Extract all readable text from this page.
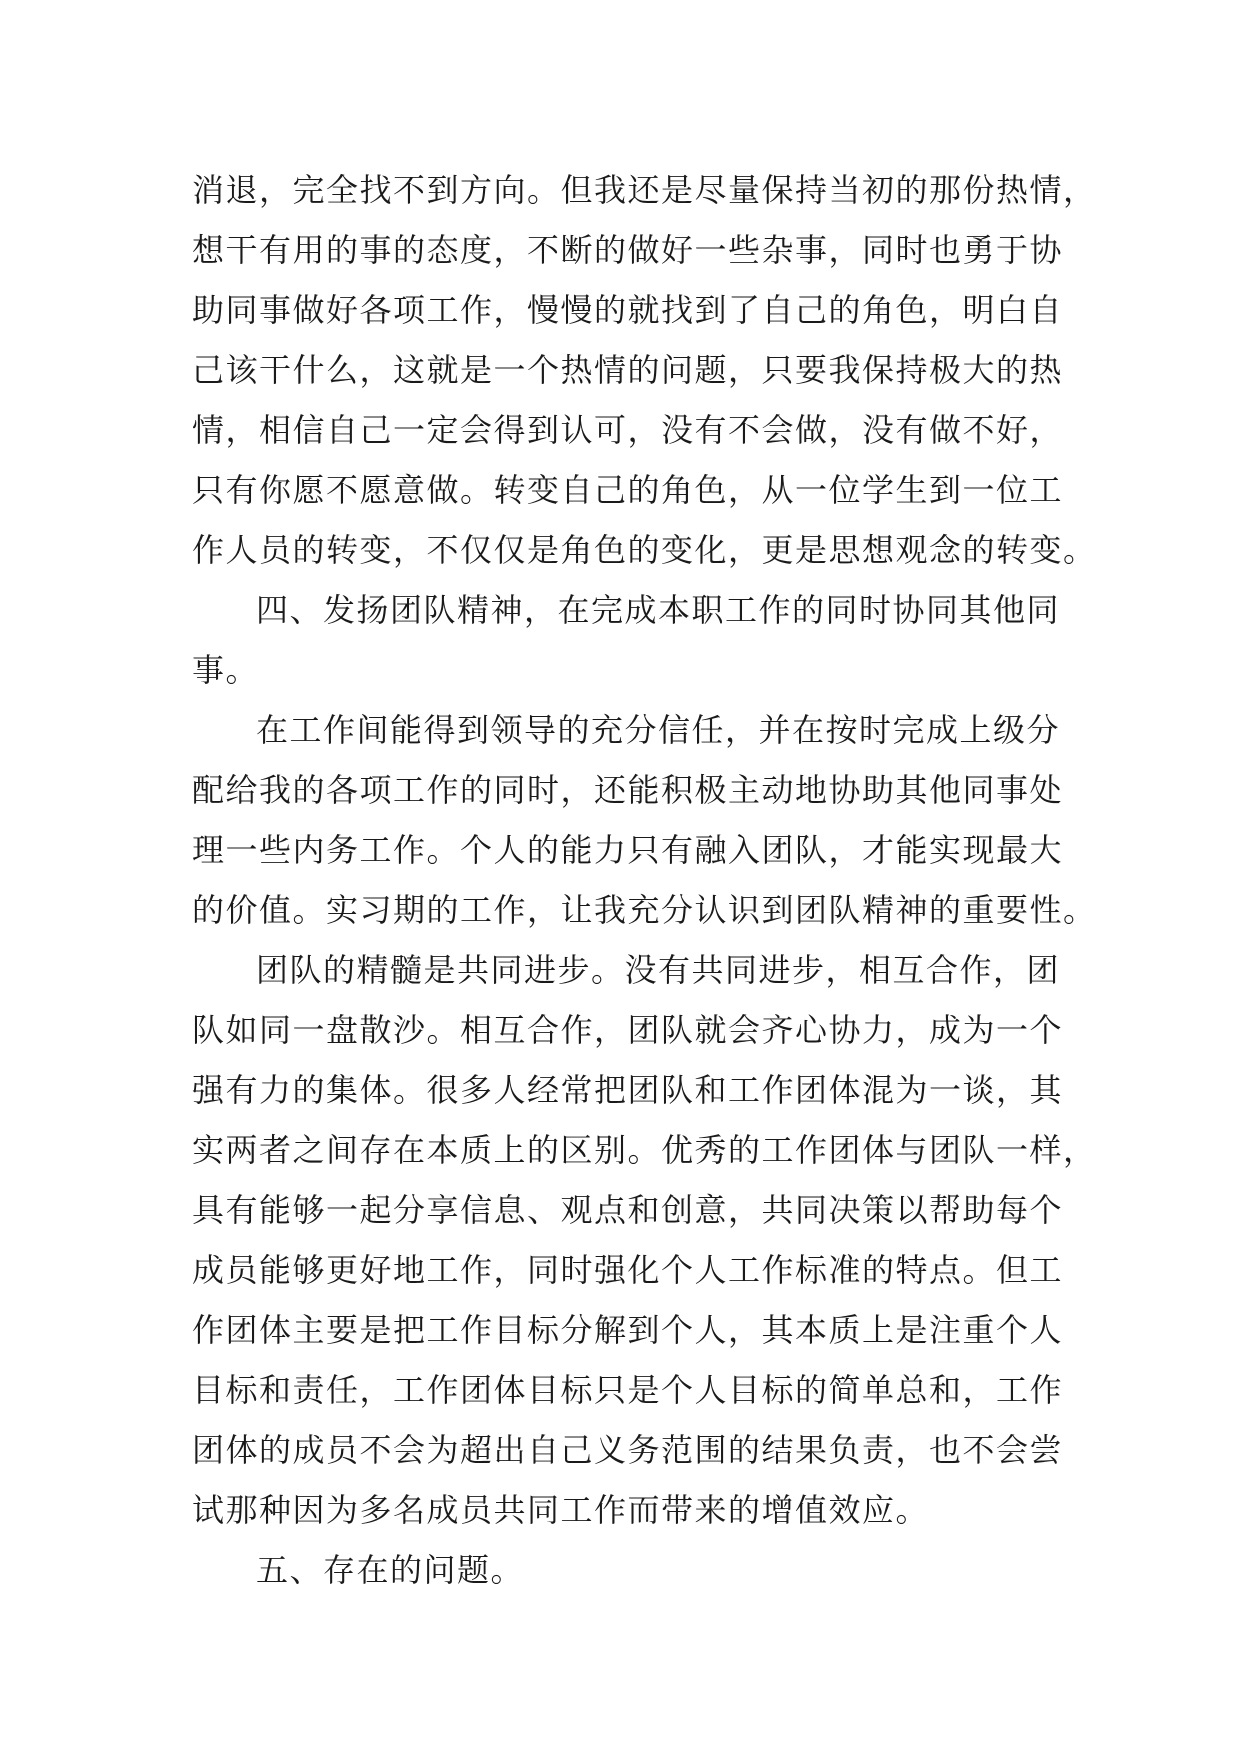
消退，完全找不到方向。但我还是尽量保持当初的那份热情，
想干有用的事的态度，不断的做好一些杂事，同时也勇于协
助同事做好各项工作，慢慢的就找到了自己的角色，明白自
己该干什么，这就是一个热情的问题，只要我保持极大的热
情，相信自己一定会得到认可，没有不会做，没有做不好，
只有你愿不愿意做。转变自己的角色，从一位学生到一位工
作人员的转变，不仅仅是角色的变化，更是思想观念的转变。
四、发扬团队精神，在完成本职工作的同时协同其他同
事。
在工作间能得到领导的充分信任，并在按时完成上级分
配给我的各项工作的同时，还能积极主动地协助其他同事处
理一些内务工作。个人的能力只有融入团队，才能实现最大
的价值。实习期的工作，让我充分认识到团队精神的重要性。
团队的精髓是共同进步。没有共同进步，相互合作，团
队如同一盘散沙。相互合作，团队就会齐心协力，成为一个
强有力的集体。很多人经常把团队和工作团体混为一谈，其
实两者之间存在本质上的区别。优秀的工作团体与团队一样，
具有能够一起分享信息、观点和创意，共同决策以帮助每个
成员能够更好地工作，同时强化个人工作标准的特点。但工
作团体主要是把工作目标分解到个人，其本质上是注重个人
目标和责任，工作团体目标只是个人目标的简单总和，工作
团体的成员不会为超出自己义务范围的结果负责，也不会尝
试那种因为多名成员共同工作而带来的增值效应。
五、存在的问题。
